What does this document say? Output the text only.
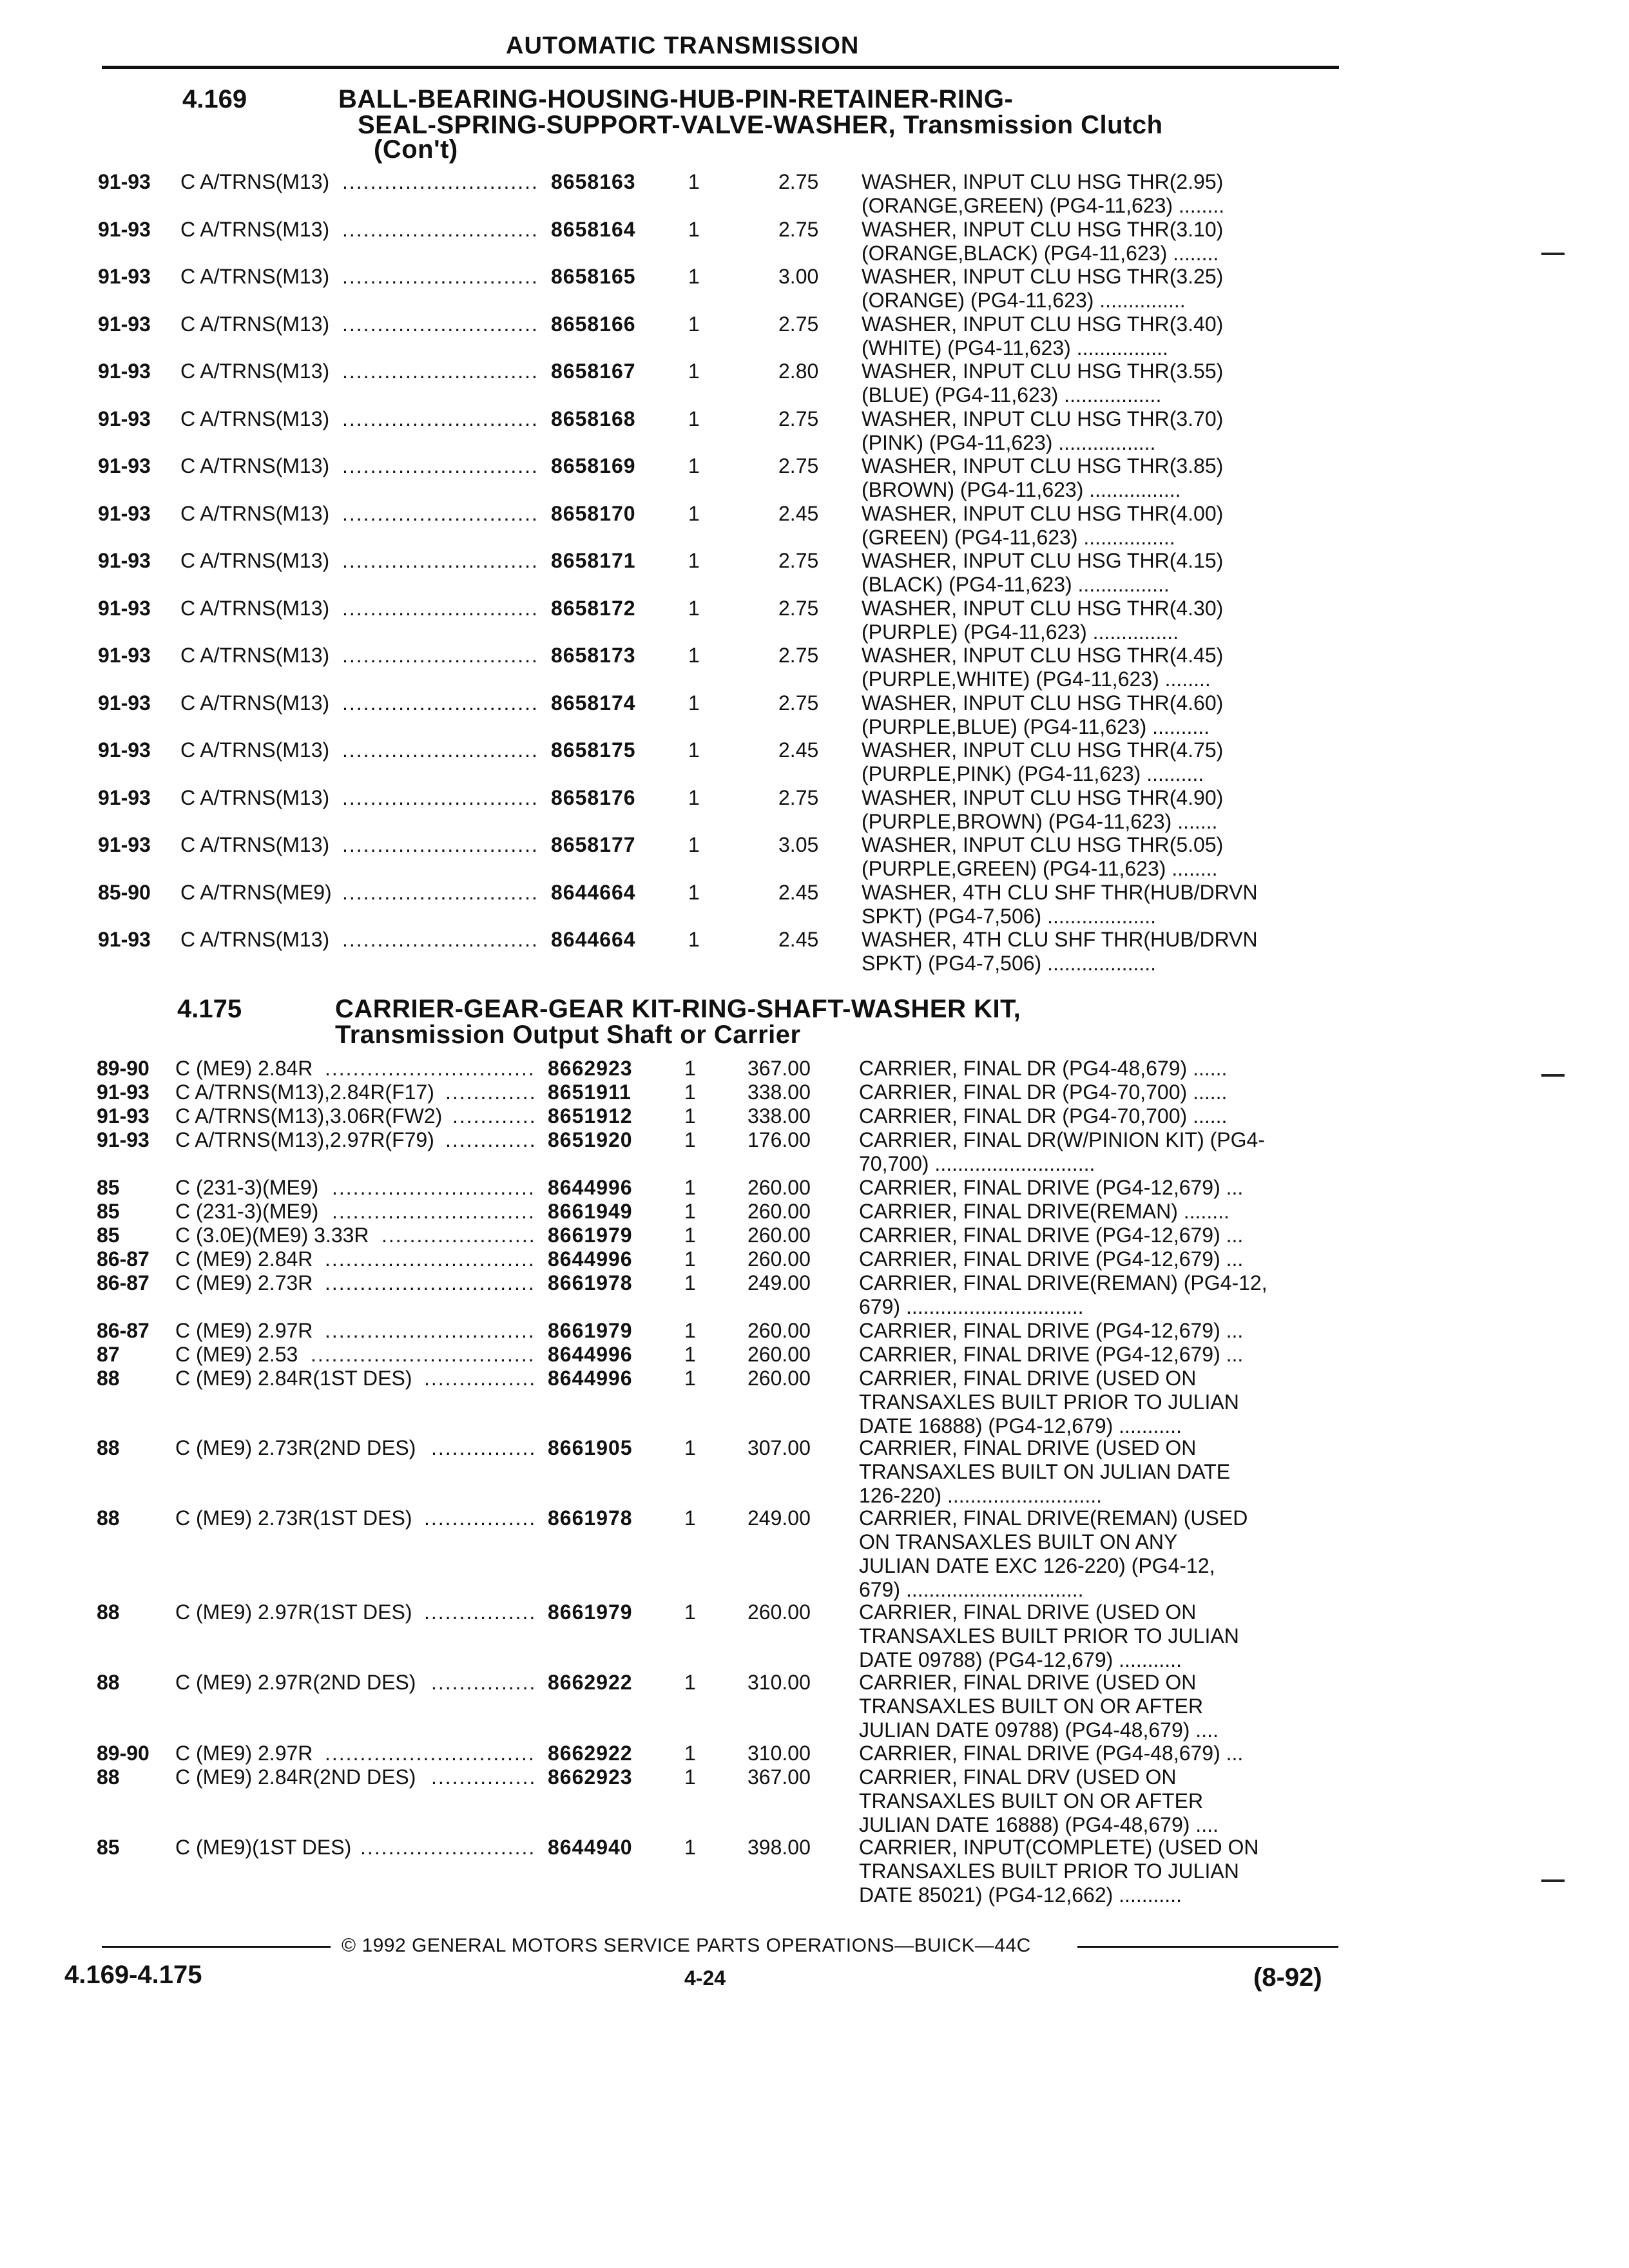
AUTOMATIC TRANSMISSION
4.169	BALL-BEARING-HOUSING-HUB-PIN-RETAINER-RING-
SEAL-SPRING-SUPPORT-VALVE-WASHER, Transmission Clutch
(Con't)
91-93 C A/TRNS(M13)	8658163	1	2.75 WASHER, INPUT CLU HSG THR(2.95)
(ORANGE,GREEN) (PG4-11,623) ........
............................
91-93 C A/TRNS(M13)	8658164	1	2.75 WASHER, INPUT CLU HSG THR(3.10)
(ORANGE,BLACK) (PG4-11,623) ........
............................
91-93 C A/TRNS(M13)	8658165	1	3.00 WASHER, INPUT CLU HSG THR(3.25)
(ORANGE) (PG4-11,623) ...............
............................
91-93 C A/TRNS(M13)	8658166	1	2.75 WASHER, INPUT CLU HSG THR(3.40)
(WHITE) (PG4-11,623) ................
............................
91-93 C A/TRNS(M13)	8658167	1	2.80 WASHER, INPUT CLU HSG THR(3.55)
(BLUE) (PG4-11,623) .................
............................
91-93 C A/TRNS(M13)	8658168	1	2.75 WASHER, INPUT CLU HSG THR(3.70)
(PINK) (PG4-11,623) .................
............................
91-93 C A/TRNS(M13)	8658169	1	2.75 WASHER, INPUT CLU HSG THR(3.85)
(BROWN) (PG4-11,623) ................
............................
91-93 C A/TRNS(M13)	8658170	1	2.45 WASHER, INPUT CLU HSG THR(4.00)
(GREEN) (PG4-11,623) ................
............................
91-93 C A/TRNS(M13)	8658171	1	2.75 WASHER, INPUT CLU HSG THR(4.15)
(BLACK) (PG4-11,623) ................
............................
91-93 C A/TRNS(M13)	8658172	1	2.75 WASHER, INPUT CLU HSG THR(4.30)
(PURPLE) (PG4-11,623) ...............
............................
91-93 C A/TRNS(M13)	8658173	1	2.75 WASHER, INPUT CLU HSG THR(4.45)
(PURPLE,WHITE) (PG4-11,623) ........
............................
91-93 C A/TRNS(M13)	8658174	1	2.75 WASHER, INPUT CLU HSG THR(4.60)
(PURPLE,BLUE) (PG4-11,623) ..........
............................
91-93 C A/TRNS(M13)	8658175	1	2.45 WASHER, INPUT CLU HSG THR(4.75)
(PURPLE,PINK) (PG4-11,623) ..........
............................
91-93 C A/TRNS(M13)	8658176	1	2.75 WASHER, INPUT CLU HSG THR(4.90)
(PURPLE,BROWN) (PG4-11,623) .......
............................
91-93 C A/TRNS(M13)	8658177	1	3.05 WASHER, INPUT CLU HSG THR(5.05)
(PURPLE,GREEN) (PG4-11,623) ........
............................
85-90 C A/TRNS(ME9)	8644664	1	2.45 WASHER, 4TH CLU SHF THR(HUB/DRVN
SPKT) (PG4-7,506) ...................
............................
91-93 C A/TRNS(M13)	8644664	1	2.45 WASHER, 4TH CLU SHF THR(HUB/DRVN
SPKT) (PG4-7,506) ...................
............................
4.175	CARRIER-GEAR-GEAR KIT-RING-SHAFT-WASHER KIT,
Transmission Output Shaft or Carrier
89-90 C (ME9) 2.84R	8662923	1	367.00 CARRIER, FINAL DR (PG4-48,679) ......
..............................
91-93 C A/TRNS(M13),2.84R(F17)	8651911	1	338.00 CARRIER, FINAL DR (PG4-70,700) ......
.............
91-93 C A/TRNS(M13),3.06R(FW2)	8651912	1	338.00 CARRIER, FINAL DR (PG4-70,700) ......
............
91-93 C A/TRNS(M13),2.97R(F79)	8651920	1	176.00 CARRIER, FINAL DR(W/PINION KIT) (PG4-
70,700) ............................
.............
85	C (231-3)(ME9)	8644996	1	260.00 CARRIER, FINAL DRIVE (PG4-12,679) ...
.............................
85	C (231-3)(ME9)	8661949	1	260.00 CARRIER, FINAL DRIVE(REMAN) ........
.............................
85	C (3.0E)(ME9) 3.33R	8661979	1	260.00 CARRIER, FINAL DRIVE (PG4-12,679) ...
......................
86-87 C (ME9) 2.84R	8644996	1	260.00 CARRIER, FINAL DRIVE (PG4-12,679) ...
..............................
86-87 C (ME9) 2.73R	8661978	1	249.00 CARRIER, FINAL DRIVE(REMAN) (PG4-12,
679) ...............................
..............................
86-87 C (ME9) 2.97R	8661979	1	260.00 CARRIER, FINAL DRIVE (PG4-12,679) ...
..............................
87	C (ME9) 2.53	8644996	1	260.00 CARRIER, FINAL DRIVE (PG4-12,679) ...
................................
88	C (ME9) 2.84R(1ST DES)	8644996	1	260.00 CARRIER, FINAL DRIVE (USED ON
TRANSAXLES BUILT PRIOR TO JULIAN
DATE 16888) (PG4-12,679) ...........
................
88	C (ME9) 2.73R(2ND DES)	8661905	1	307.00 CARRIER, FINAL DRIVE (USED ON
TRANSAXLES BUILT ON JULIAN DATE
126-220) ...........................
...............
88	C (ME9) 2.73R(1ST DES)	8661978	1	249.00 CARRIER, FINAL DRIVE(REMAN) (USED
ON TRANSAXLES BUILT ON ANY
JULIAN DATE EXC 126-220) (PG4-12,
679) ...............................
................
88	C (ME9) 2.97R(1ST DES)	8661979	1	260.00 CARRIER, FINAL DRIVE (USED ON
TRANSAXLES BUILT PRIOR TO JULIAN
DATE 09788) (PG4-12,679) ...........
................
88	C (ME9) 2.97R(2ND DES)	8662922	1	310.00 CARRIER, FINAL DRIVE (USED ON
TRANSAXLES BUILT ON OR AFTER
JULIAN DATE 09788) (PG4-48,679) ....
...............
89-90 C (ME9) 2.97R	8662922	1	310.00 CARRIER, FINAL DRIVE (PG4-48,679) ...
..............................
88	C (ME9) 2.84R(2ND DES)	8662923	1	367.00 CARRIER, FINAL DRV (USED ON
TRANSAXLES BUILT ON OR AFTER
JULIAN DATE 16888) (PG4-48,679) ....
...............
85	C (ME9)(1ST DES)	8644940	1	398.00 CARRIER, INPUT(COMPLETE) (USED ON
TRANSAXLES BUILT PRIOR TO JULIAN
DATE 85021) (PG4-12,662) ...........
.........................
© 1992 GENERAL MOTORS SERVICE PARTS OPERATIONS—BUICK—44C
4.169-4.175	4-24	(8-92)
